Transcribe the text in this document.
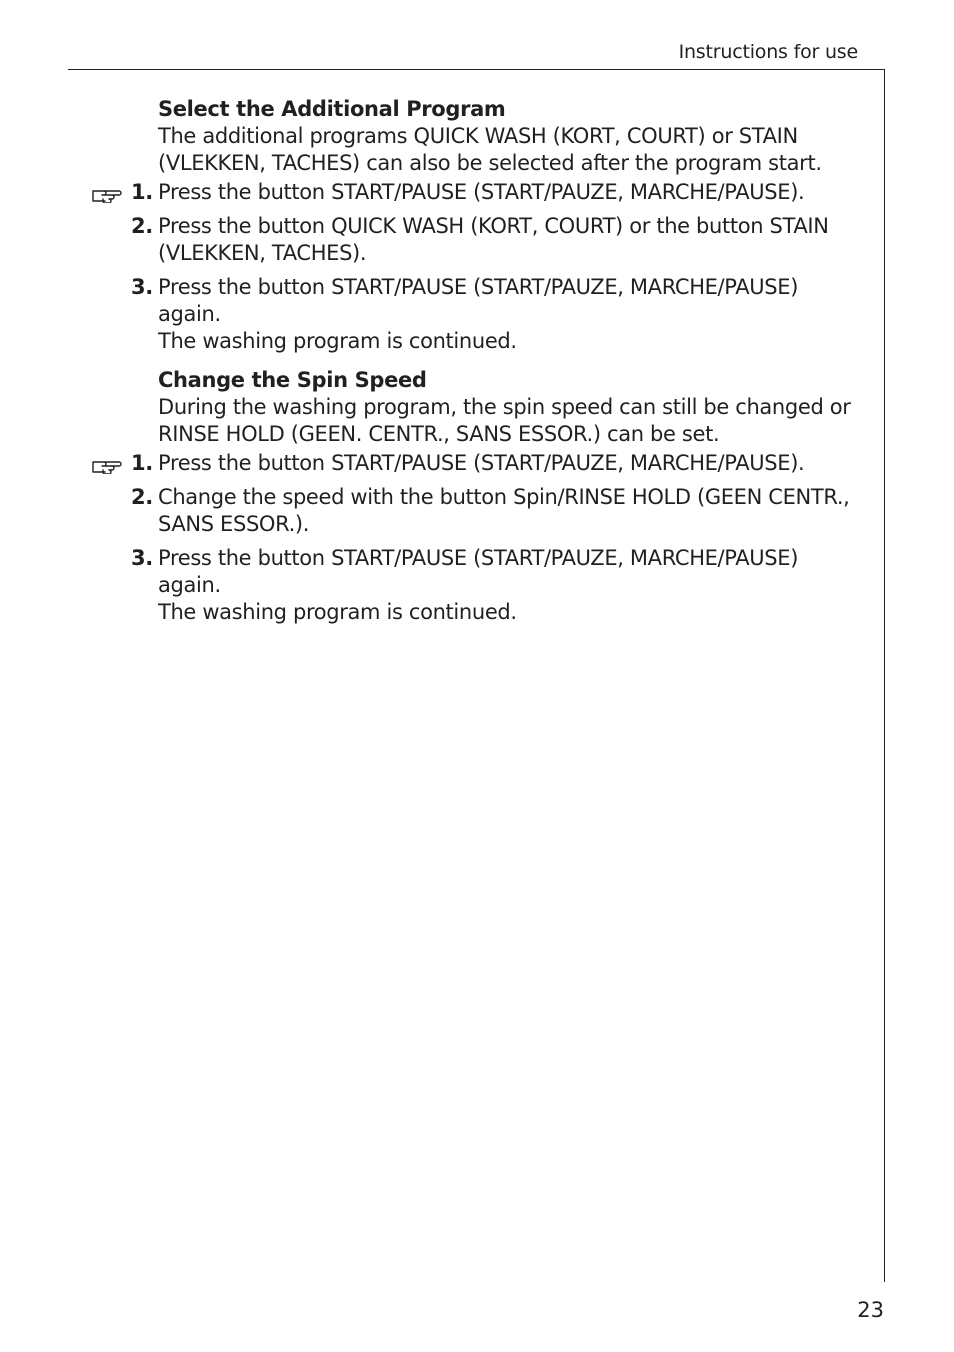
Instructions for use

Select the Additional Program

The additional programs QUICK WASH (KORT, COURT) or STAIN
(VLEKKEN, TACHES) can also be selected after the program start.

1. Press the button START/PAUSE (START/PAUZE, MARCHE/PAUSE).
2. Press the button QUICK WASH (KORT, COURT) or the button STAIN
(VLEKKEN, TACHES).
3. Press the button START/PAUSE (START/PAUZE, MARCHE/PAUSE) again.
The washing program is continued.

Change the Spin Speed

During the washing program, the spin speed can still be changed or
RINSE HOLD (GEEN. CENTR., SANS ESSOR.) can be set.

1. Press the button START/PAUSE (START/PAUZE, MARCHE/PAUSE).
2. Change the speed with the button Spin/RINSE HOLD (GEEN CENTR.,
SANS ESSOR.).
3. Press the button START/PAUSE (START/PAUZE, MARCHE/PAUSE) again.
The washing program is continued.
23
